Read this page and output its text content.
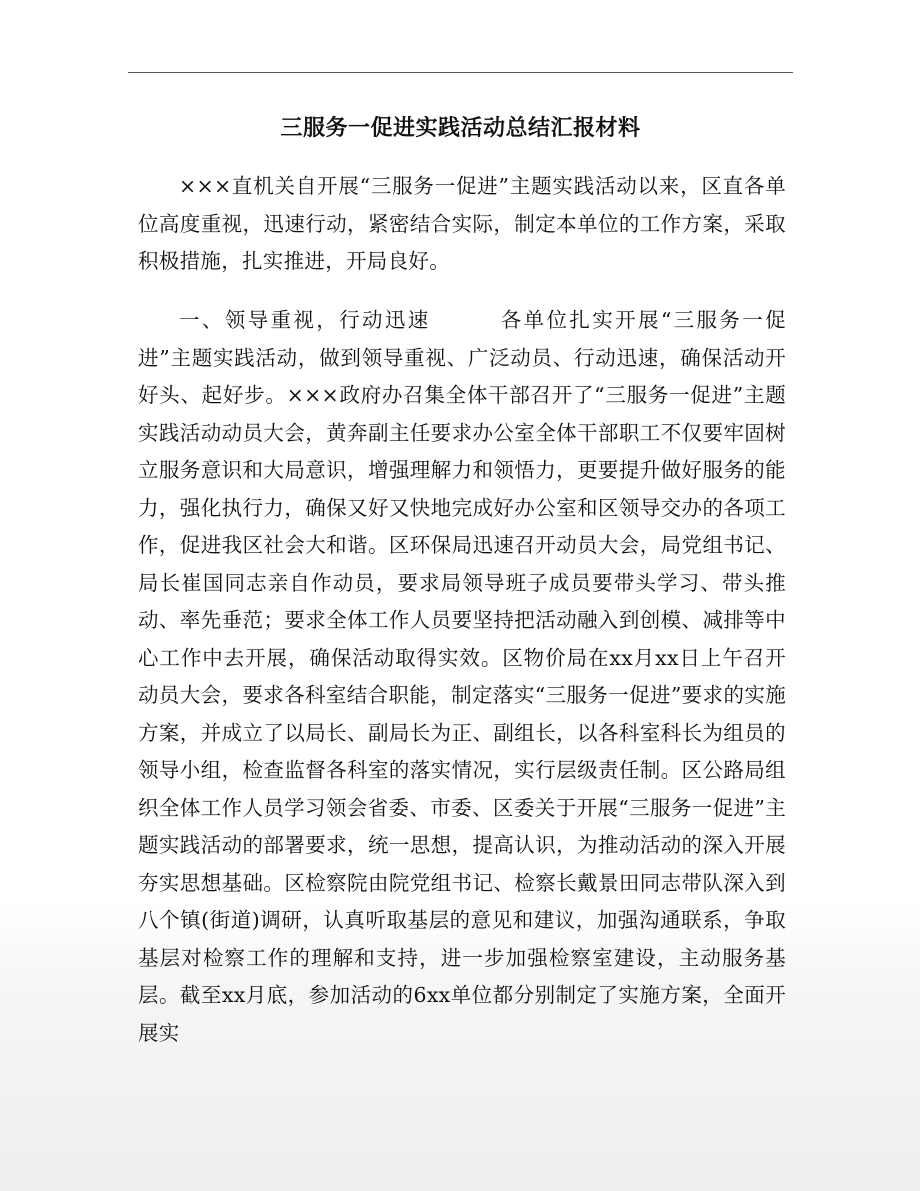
三服务一促进实践活动总结汇报材料

×××直机关自开展“三服务一促进”主题实践活动以来，区直各单位高度重视，迅速行动，紧密结合实际，制定本单位的工作方案，采取积极措施，扎实推进，开局良好。

一、领导重视，行动迅速	各单位扎实开展“三服务一促进”主题实践活动，做到领导重视、广泛动员、行动迅速，确保活动开好头、起好步。×××政府办召集全体干部召开了“三服务一促进”主题实践活动动员大会，黄奔副主任要求办公室全体干部职工不仅要牢固树立服务意识和大局意识，增强理解力和领悟力，更要提升做好服务的能力，强化执行力，确保又好又快地完成好办公室和区领导交办的各项工作，促进我区社会大和谐。区环保局迅速召开动员大会，局党组书记、局长崔国同志亲自作动员，要求局领导班子成员要带头学习、带头推动、率先垂范；要求全体工作人员要坚持把活动融入到创模、减排等中心工作中去开展，确保活动取得实效。区物价局在xx月xx日上午召开动员大会，要求各科室结合职能，制定落实“三服务一促进”要求的实施方案，并成立了以局长、副局长为正、副组长，以各科室科长为组员的领导小组，检查监督各科室的落实情况，实行层级责任制。区公路局组织全体工作人员学习领会省委、市委、区委关于开展“三服务一促进”主题实践活动的部署要求，统一思想，提高认识，为推动活动的深入开展夯实思想基础。区检察院由院党组书记、检察长戴景田同志带队深入到八个镇(街道)调研，认真听取基层的意见和建议，加强沟通联系，争取基层对检察工作的理解和支持，进一步加强检察室建设，主动服务基层。截至xx月底，参加活动的6xx单位都分别制定了实施方案，全面开展实
